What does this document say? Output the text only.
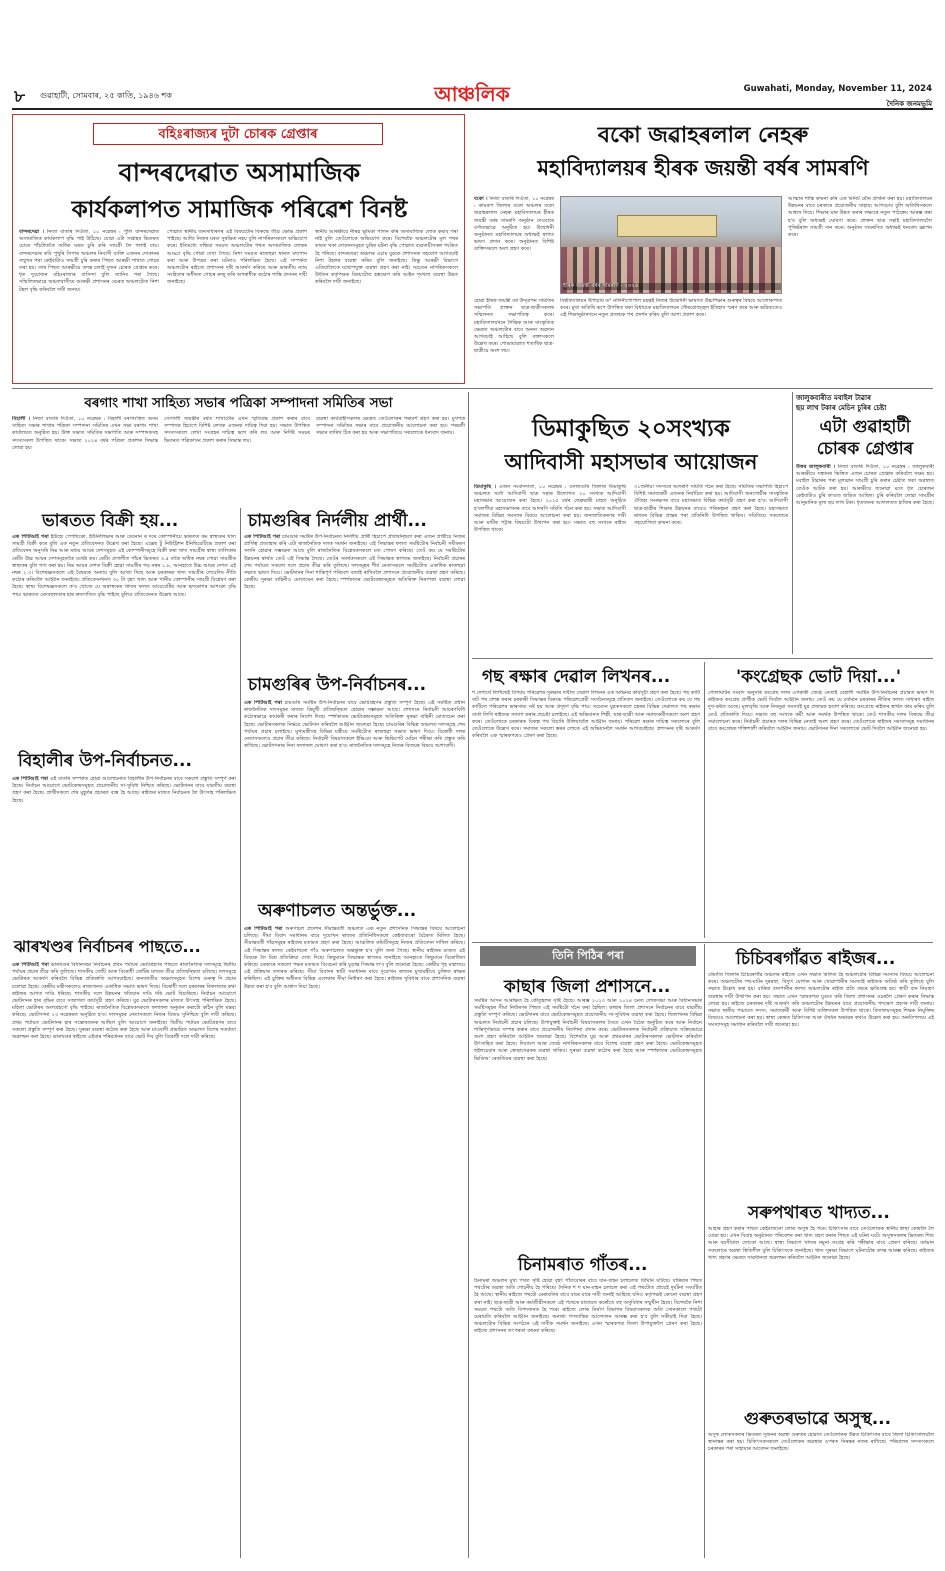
৮ গুৱাহাটী, সোমবাৰ, ২৫ কাতি, ১৯৪৬ শক	আঞ্চলিক	Guwahati, Monday, November 11, 2024
দৈনিক জনমভূমি
বহিঃৰাজ্যৰ দুটা চোৰক গ্ৰেপ্তাৰ
বান্দৰদেৱাত অসামাজিক
কাৰ্যকলাপত সামাজিক পৰিৱেশ বিনষ্ট
বান্দৰদেৱা । নিজা বাতৰি দিওঁতা, ১০ নৱেম্বৰ : পুলি বান্দৰদেৱাত অসামাজিক কাৰ্যকলাপ বৃদ্ধি পাই উঠিছে। যোৱা এটা সপ্তাহৰ ভিতৰত চোৰে পাঁচটাতকৈ অধিক ঘৰত চুৰি কৰি সামগ্ৰী লৈ পলাই যায়। বান্দৰদেৱাৰ কবি পুথুৰি সিপাৰ অঞ্চলৰ নিবাসী ব্যক্তি এজনৰ দোকানৰ সন্মুখৰ পৰা কেইবাটাও সামগ্ৰী চুৰি কৰাৰ পিছত আৰক্ষী শাখাত গোচৰ তৰা হয়। তাৰ পিছত আৰক্ষীয়ে তদন্ত চলাই দুজন চোৰক গ্ৰেপ্তাৰ কৰে। ধৃত দুয়োজন বহিঃৰাজ্যৰ বাসিন্দা বুলি জানিব পৰা গৈছে। সন্মিলিতভাৱে অঞ্চলবাসীয়ে আৰক্ষী প্ৰশাসনৰ ওচৰত অঞ্চলটোত নিশা টহল বৃদ্ধি কৰিবলৈ দাবী জনায়।
পোৱাত স্থানীয় জনসাধাৰণৰ এই বিষয়টোৰ বিৰুদ্ধে তীব্ৰ ক্ষোভ প্ৰকাশ পাইছে। আজি নিজৰ ঘৰত সুৰক্ষিত নহয় বুলি নাগৰিকসকলে অভিযোগ কৰে। ইতিমধ্যে সন্ধিয়া সময়ত অঞ্চলটোৰ পথত অসামাজিক লোকৰ আড্ডা বৃদ্ধি পোৱা দেখা গৈছে। নিশা সময়ত ৰাজহুৱা স্থানত মদ্যপান কৰা আৰু উপদ্ৰৱ কৰা ঘটনাও পৰিলক্ষিত হৈছে। এই সম্পৰ্কত অঞ্চলটোৰ ৰাইজে প্ৰশাসনৰ দৃষ্টি আকৰ্ষণ কৰিছে আৰু ভাৰতীয় ন্যায় সংহিতাৰ অধীনত গোচৰ ৰুজু কৰি অপৰাধীক কঠোৰ শাস্তি প্ৰদানৰ দাবী জনাইছে।
স্থানীয় আৰক্ষীয়ে নীৰৱ ভূমিকা পালন কৰি অসামাজিক লোক কমাব পৰা নাই বুলি তেওঁলোকে অভিযোগ কৰে। বিশেষকৈ অঞ্চলটোৰ মূল পথৰ কাষত থকা দোকানসমূহত চুৰিৰ ঘটনা বৃদ্ধি পোৱাত ব্যৱসায়ীসকল শংকিত হৈ পৰিছে। বান্দৰদেৱা অঞ্চলৰ এচাম যুৱকে প্ৰশাসনক সহযোগ আগবঢ়াই নিশা টহলৰ ব্যৱস্থা কৰিব বুলি জনাইছে। কিন্তু আৰক্ষী বিভাগে এতিয়ালৈকে যথোপযুক্ত ব্যৱস্থা গ্ৰহণ কৰা নাই। সচেতন নাগৰিকসকলে উৰ্ধতন কৰ্তৃপক্ষক বিষয়টোত হস্তক্ষেপ কৰি আইন শৃংখলা ব্যৱস্থা উন্নত কৰিবলৈ দাবী জনাইছে।
বকো জৱাহৰলাল নেহৰু
মহাবিদ্যালয়ৰ হীৰক জয়ন্তী বৰ্ষৰ সামৰণি
বকো । নিজা বাতৰি দিওঁতা, ১০ নৱেম্বৰ : কামৰূপ জিলাৰ বকো অঞ্চলৰ বকো জৱাহৰলাল নেহৰু মহাবিদ্যালয়ৰ হীৰক জয়ন্তী বৰ্ষৰ সামৰণি অনুষ্ঠান দেওবাৰে বৰ্ণাঢ্যভাৱে অনুষ্ঠিত হয়। উদ্বোধনী অনুষ্ঠানত মহাবিদ্যালয়ৰ অধ্যক্ষই স্বাগত ভাষণ প্ৰদান কৰে। অনুষ্ঠানত বিশিষ্ট ব্যক্তিসকলে অংশ গ্ৰহণ কৰে।
হীৰক জয়ন্তী বৰ্ষৰ সামৰণি - ২০২৪
আত্মাৰ শান্তি কামনা কৰি এক মিনিট মৌন প্ৰাৰ্থনা কৰা হয়। মহাবিদ্যালয়ৰ উন্নয়নৰ বাবে চৰকাৰে প্ৰয়োজনীয় সাহায্য আগবঢ়াব বুলি অতিথিসকলে আশ্বাস দিয়ে। শিক্ষাৰ মান উন্নত কৰাৰ লক্ষ্যৰে নতুন পাঠ্যক্ৰম আৰম্ভ কৰা হ'ব বুলি অধ্যক্ষই ঘোষণা কৰে। প্ৰাক্তন ছাত্ৰ সন্থাই মহাবিদ্যালয়লৈ পুথিভঁৰাল সামগ্ৰী দান কৰে। অনুষ্ঠান সামৰণিত অধ্যক্ষই ধন্যবাদ জ্ঞাপন কৰে।
বিশ্ববিদ্যালয়ৰ উপাচাৰ্য ড° নলিনীগোপাল মহন্তই নিজৰ উদ্বোধনী ভাষণত উচ্চশিক্ষাৰ গুৰুত্বৰ বিষয়ে আলোকপাত কৰে। মুখ্য অতিথি ৰূপে উপস্থিত থকা বিধায়কে মহাবিদ্যালয়ৰ গৌৰৱোজ্জ্বল ইতিহাস স্মৰণ কৰে আৰু ভৱিষ্যতেও এই শিক্ষানুষ্ঠানখনে নতুন প্ৰজন্মক পথ প্ৰদৰ্শন কৰিব বুলি আশা প্ৰকাশ কৰে।
হোৱা হীৰক জয়ন্তী বৰ্ষ উদ্‌যাপন সমিতিৰ সভাপতি প্ৰাক্তন ছাত্ৰ-ছাত্ৰীসকলৰ সন্মিলনত সভাপতিত্ব কৰে। মহাবিদ্যালয়খনে শৈক্ষিক আৰু সাংস্কৃতিক ক্ষেত্ৰত অঞ্চলটোৰ বাবে অনন্য অৱদান আগবঢ়াই আহিছে বুলি বক্তাসকলে উল্লেখ কৰে। শোভাযাত্ৰাত শতাধিক ছাত্ৰ-ছাত্ৰীয়ে অংশ লয়।
বৰগাং শাখা সাহিত্য সভাৰ পত্ৰিকা সম্পাদনা সমিতিৰ সভা
বিহালী । নিজা বাতৰি দিওঁতা, ১০ নৱেম্বৰ : বিহালী বৰগাংস্থিত অসম সাহিত্য সভাৰ শাখাৰ পত্ৰিকা সম্পাদনা সমিতিৰ এখন সভা বৰগাং শাখা কাৰ্যালয়ত অনুষ্ঠিত হয়। উক্ত সভাত সমিতিৰ সভাপতি আৰু সম্পাদকসহ সদস্যসকল উপস্থিত থাকে। সভাত ২০২৪ বৰ্ষৰ পত্ৰিকা প্ৰকাশৰ সিদ্ধান্ত লোৱা হয়।
সোণালী জয়ন্তীৰ বৰ্ষত শাখাটোৰ এখন স্মৃতিগ্ৰন্থ প্ৰকাশ কৰাৰ বাবে সম্পাদক হিচাপে বিশিষ্ট লেখক এজনক দায়িত্ব দিয়া হয়। সভাত উপস্থিত সদস্যসকলে লেখা সংগ্ৰহৰ দায়িত্ব ভাগ কৰি লয় আৰু নিৰ্দিষ্ট সময়ৰ ভিতৰত পত্ৰিকাখন প্ৰকাশ কৰাৰ সিদ্ধান্ত লয়।
ব্যৱস্থা কাৰ্যবাহীসকলৰ ক্ষেত্ৰত তেওঁলোকৰ পৰামৰ্শ গ্ৰহণ কৰা হয়। মুখপত্ৰ সম্পাদনা সমিতিৰ সভাৰ বাবে প্ৰয়োজনীয় আলোচনা কৰা হয়। পৰৱৰ্তী সভাৰ তাৰিখ ঠিক কৰা হয় আৰু সভাপতিয়ে সকলোকে ধন্যবাদ জনায়।	ডিমাকুছিত ২০সংখ্যক
আদিবাসী মহাসভাৰ আয়োজন
ডিমাকুছি । এজন সংবাদদাতা, ১০ নৱেম্বৰ : ওদালগুৰি জিলাৰ ডিমাকুছি অঞ্চলত সদৌ আদিবাসী ছাত্ৰ সন্থাৰ উদ্যোগত ২০ সংখ্যক আদিবাসী মহাসভাৰ আয়োজন কৰা হৈছে। ২০২৫ বৰ্ষৰ ফেব্ৰুৱাৰী মাহত অনুষ্ঠিত হ'বলগীয়া মহাসভাখনৰ বাবে আদৰণি সমিতি গঠন কৰা হয়। সভাত আদিবাসী সমাজৰ বিভিন্ন সমস্যাৰ বিষয়ে আলোচনা কৰা হয়। জনজাতিকৰণৰ দাবী আৰু মাটিৰ পট্টাৰ বিষয়টো উত্থাপন কৰা হয়। সভাত বহু সংখ্যক ৰাইজ উপস্থিত থাকে।
৩১জনীয়া সদস্যৰে আদৰণি সমিতি গঠন কৰা হৈছে। সমিতিৰ সভাপতি হিচাপে বিশিষ্ট সমাজকৰ্মী এজনক নিৰ্বাচিত কৰা হয়। আদিবাসী জনগোষ্ঠীৰ সাংস্কৃতিক ঐতিহ্য সংৰক্ষণৰ বাবে মহাসভাত বিভিন্ন কাৰ্যসূচী গ্ৰহণ কৰা হ'ব। আদিবাসী ছাত্ৰ-ছাত্ৰীৰ শিক্ষাৰ উন্নয়নৰ বাবেও পৰিকল্পনা গ্ৰহণ কৰা হৈছে। মহাসভাত ৰাজ্যৰ বিভিন্ন প্ৰান্তৰ পৰা প্ৰতিনিধি উপস্থিত থাকিব। সমিতিয়ে সকলোৰে সহযোগিতা কামনা কৰে।
জালুকবাৰীত মবাইল টাৱাৰ
ছয় লাখ টকাৰ মেচিন চুৰিৰ চেষ্টা
এটা গুৱাহাটী
চোৰক গ্ৰেপ্তাৰ
উত্তৰ জালুকবাৰী । নিজা বাতৰি দিওঁতা, ১০ নৱেম্বৰ : জালুকবাৰী আৰক্ষীয়ে সন্ধানৰ ভিত্তিত এজন চোৰক গ্ৰেপ্তাৰ কৰিবলৈ সক্ষম হয়। মবাইল টাৱাৰৰ পৰা মূল্যৱান সামগ্ৰী চুৰি কৰাৰ চেষ্টাত থকা অৱস্থাত তেওঁক আটক কৰা হয়। আৰক্ষীয়ে জনোৱা মতে ধৃত চোৰজন কেইবাটাও চুৰি কাণ্ডত জড়িত আছিল। চুৰি কৰিবলৈ লোৱা সামগ্ৰীৰ আনুমানিক মূল্য ছয় লাখ টকা। ধৃতজনক আদালতত হাজিৰ কৰা হৈছে।
ভাৰতত বিক্ৰী হয়...
এক পিটিআই পৰা ইউহ্যে পেপছিকো, ইউনিলিভাৰ আৰু ডেনোন ৰ দৰে কোম্পানীয়ে ভাৰতত কম স্বাস্থ্যকৰ খাদ্য সামগ্ৰী বিক্ৰী কৰে বুলি এক নতুন প্ৰতিবেদনত উল্লেখ কৰা হৈছে। এক্সেছ টু নিউট্ৰিশন ইনিছিয়েটিভে প্ৰকাশ কৰা প্ৰতিবেদন অনুসৰি নিম্ন আৰু মধ্যম আয়ৰ দেশসমূহত এই কোম্পানীসমূহে বিক্ৰী কৰা খাদ্য সামগ্ৰীৰ স্বাস্থ্য তালিকাৰ ৰেটিং উচ্চ আয়ৰ দেশসমূহতকৈ যথেষ্ট কম। ৰেটিং প্ৰণালীত পাঁচৰ ভিতৰত ৩.৫ তকৈ অধিক নম্বৰ পোৱা সামগ্ৰীক স্বাস্থ্যকৰ বুলি গণ্য কৰা হয়। নিম্ন আয়ৰ দেশত বিক্ৰী হোৱা সামগ্ৰীৰ গড় নম্বৰ ১.৮, আনহাতে উচ্চ আয়ৰ দেশত এই নম্বৰ ২.৩। বিশেষজ্ঞসকলে এই বৈষম্যক অন্যায় বুলি আখ্যা দিছে আৰু চৰকাৰক খাদ্য সামগ্ৰীৰ লেবেলিং নীতি কঠোৰ কৰিবলৈ আহ্বান জনাইছে। প্ৰতিবেদনখনত ৩০ টা বৃহৎ খাদ্য আৰু পানীয় কোম্পানীৰ সামগ্ৰী বিশ্লেষণ কৰা হৈছে। স্বাস্থ্য বিশেষজ্ঞসকলে ক'ব খোজে যে অস্বাস্থ্যকৰ খাদ্যৰ ফলত ডায়েবেটিছ আৰু হৃদৰোগৰ আশংকা বৃদ্ধি পায়। ভাৰতত মেদবহুলতাৰ হাৰ দ্ৰুতগতিত বৃদ্ধি পাইছে বুলিও প্ৰতিবেদনত উল্লেখ আছে।
চামগুৰিৰ নিৰ্দলীয় প্ৰাৰ্থী...
এক পিটিআই পৰা চামগুৰি সমষ্টিৰ উপ-নিৰ্বাচনত নিৰ্দলীয় প্ৰাৰ্থী হিচাপে প্ৰতিদ্বন্দ্বিতা কৰা এজন প্ৰাৰ্থীয়ে নিজৰ প্ৰাৰ্থিত্ব প্ৰত্যাহাৰ কৰি এটা ৰাজনৈতিক দলক সমৰ্থন জনাইছে। এই সিদ্ধান্তৰ ফলত সমষ্টিটোৰ নিৰ্বাচনী সমীকৰণ সলনি হোৱাৰ সম্ভাৱনা আছে বুলি ৰাজনৈতিক বিশ্লেষকসকলে মত পোষণ কৰিছে। তেওঁ কয় যে সমষ্টিটোৰ উন্নয়নৰ স্বাৰ্থত তেওঁ এই সিদ্ধান্ত লৈছে। তেওঁৰ সমৰ্থকসকলে এই সিদ্ধান্তক স্বাগতম জনাইছে। নিৰ্বাচনী প্ৰচাৰৰ শেষ পৰ্যায়ত সকলো দলে প্ৰচাৰ তীব্ৰ কৰি তুলিছে। দলসমূহৰ শীৰ্ষ নেতাসকলে সমষ্টিটোত একাধিক ৰাজহুৱা সভাত ভাষণ দিয়ে। ভোটদানৰ দিনা শান্তিপূৰ্ণ পৰিবেশ বজাই ৰাখিবলৈ প্ৰশাসনে প্ৰয়োজনীয় ব্যৱস্থা গ্ৰহণ কৰিছে। কেন্দ্ৰীয় সুৰক্ষা বাহিনীও মোতায়েন কৰা হৈছে। স্পৰ্শকাতৰ ভোটকেন্দ্ৰসমূহত অতিৰিক্ত নিৰাপত্তা ব্যৱস্থা লোৱা হৈছে।
গছ ৰক্ষাৰ দেৱাল লিখনৰ...
শ দেশাৰ্থে লিখিছেই বিপৰ্যয় পৰিৱেশৰ সুৰক্ষাৰ দাবীত দেৱাল লিখনৰ এক অভিনৱ কাৰ্যসূচী গ্ৰহণ কৰা হৈছে। গছ কাটি বাট পথ প্ৰশস্ত কৰাৰ চৰকাৰী সিদ্ধান্তৰ বিৰুদ্ধে পৰিৱেশপ্ৰেমী সংগঠনসমূহে প্ৰতিবাদ জনাইছে। তেওঁলোকে কয় যে গছ কাটিলে পৰিৱেশৰ ভাৰসাম্য নষ্ট হয় আৰু প্ৰদূষণ বৃদ্ধি পায়। সচেতন যুৱকসকলে চহৰৰ বিভিন্ন দেৱালত গছ ৰক্ষাৰ বাৰ্তা লিখি ৰাইজক সজাগ কৰাৰ প্ৰচেষ্টা চলাইছে। এই অভিযানত শিল্পী, ছাত্ৰ-ছাত্ৰী আৰু সমাজকৰ্মীসকলে অংশ গ্ৰহণ কৰে। তেওঁলোকে চৰকাৰক বিকল্প পথ বিচাৰি উলিয়াবলৈ আহ্বান জনায়। পৰিৱেশ ৰক্ষাৰ দায়িত্ব সকলোৰে বুলি তেওঁলোকে উল্লেখ কৰে। সমাজৰ সকলো স্তৰৰ লোকে এই অভিযানলৈ সমৰ্থন আগবঢ়াইছে। প্ৰশাসনৰ দৃষ্টি আকৰ্ষণ কৰিবলৈ এক স্মাৰকপত্ৰও প্ৰেৰণ কৰা হৈছে।
'কংগ্ৰেছক ভোট দিয়া...'
গোলাঘাটৰ সংবাদ অনুসৰি কংগ্ৰেছ দলৰ এগৰাকী জ্যেষ্ঠ নেতাই বেহালী সমষ্টিৰ উপ-নিৰ্বাচনৰ প্ৰচাৰত ভাষণ দি ৰাইজক কংগ্ৰেছ প্ৰাৰ্থীক ভোট দিবলৈ আহ্বান জনায়। তেওঁ কয় যে বৰ্তমান চৰকাৰৰ নীতিৰ ফলত সাধাৰণ ৰাইজ দুখ-কষ্টত আছে। মূল্যবৃদ্ধি আৰু নিবনুৱা সমস্যাই যুৱ প্ৰজন্মক হতাশ কৰিছে। কংগ্ৰেছে ৰাইজৰ স্বাৰ্থত কাম কৰিব বুলি তেওঁ প্ৰতিশ্ৰুতি দিয়ে। সভাত বহু সংখ্যক কৰ্মী আৰু সমৰ্থক উপস্থিত থাকে। তেওঁ শাসকীয় দলৰ বিৰুদ্ধে তীব্ৰ সমালোচনা কৰে। নিৰ্বাচনী প্ৰচাৰত দলৰ বিভিন্ন নেতাই অংশ গ্ৰহণ কৰে। তেওঁলোকে ৰাইজৰ সমস্যাসমূহ সমাধানৰ বাবে কংগ্ৰেছক শক্তিশালী কৰিবলৈ আহ্বান জনায়। ভোটদানৰ দিনা সকলোকে ভোট দিবলৈ আহ্বান জনোৱা হয়।
চামগুৰিৰ উপ-নিৰ্বাচনৰ...
এক পিটিআই পৰা চামগুৰি সমষ্টিৰ উপ-নিৰ্বাচনৰ বাবে ভোটগ্ৰহণৰ প্ৰস্তুতি সম্পূৰ্ণ হৈছে। এই সমষ্টিত প্ৰধান ৰাজনৈতিক দলসমূহৰ মাজত ত্ৰিমুখী প্ৰতিদ্বন্দ্বিতা হোৱাৰ সম্ভাৱনা আছে। প্ৰশাসনে নিৰ্বাচনী আচৰণবিধি কঠোৰভাৱে কাৰ্যকৰী কৰাৰ নিৰ্দেশ দিছে। স্পৰ্শকাতৰ ভোটকেন্দ্ৰসমূহত অতিৰিক্ত সুৰক্ষা বাহিনী মোতায়েন কৰা হৈছে। ভোটাৰসকলক নিৰ্ভয়ে ভোটদান কৰিবলৈ আহ্বান জনোৱা হৈছে। চামগুৰিৰ বিভিন্ন অঞ্চলত দলসমূহে শেষ পৰ্যায়ৰ প্ৰচাৰ চলাইছে। মুখ্যমন্ত্ৰীসহ বিভিন্ন মন্ত্ৰীয়ে সমষ্টিটোত ৰাজহুৱা সভাত ভাষণ দিয়ে। বিৰোধী দলৰ নেতাসকলেও প্ৰচাৰ তীব্ৰ কৰিছে। নিৰ্বাচনী বিষয়াসকলে ইভিএম আৰু ভিভিপেট মেচিন পৰীক্ষা কৰি প্ৰস্তুত কৰি ৰাখিছে। ভোটগণনাৰ দিনা ফলাফল ঘোষণা কৰা হ'ব। ৰাজনৈতিক দলসমূহে নিজৰ বিজয়ৰ বিষয়ে আশাবাদী।
বিহালীৰ উপ-নিৰ্বাচনত...
এক পিটিআই পৰা এই বাতৰি সম্পৰ্কত হোৱা আলোচনাত বিহালীৰ উপ-নিৰ্বাচনৰ বাবে সকলো প্ৰস্তুতি সম্পূৰ্ণ কৰা হৈছে। নিৰ্বাচন আয়োগে ভোটকেন্দ্ৰসমূহত প্ৰয়োজনীয় সা-সুবিধা নিশ্চিত কৰিছে। ভোটদানৰ বাবে যাৱতীয় ব্যৱস্থা গ্ৰহণ কৰা হৈছে। প্ৰাৰ্থীসকলে শেষ মুহূৰ্তৰ প্ৰচাৰত ব্যস্ত হৈ আছে। ৰাইজৰ মাজত নিৰ্বাচনক লৈ উৎসাহ পৰিলক্ষিত হৈছে।
ঝাৰখণ্ডৰ নিৰ্বাচনৰ পাছতে...
এক পিটিআই পৰা ঝাৰখণ্ডৰ বিধানসভা নিৰ্বাচনৰ প্ৰথম পৰ্যায়ৰ ভোটগ্ৰহণৰ পাছতে ৰাজনৈতিক দলসমূহে দ্বিতীয় পৰ্যায়ৰ প্ৰচাৰ তীব্ৰ কৰি তুলিছে। শাসকীয় জোঁট আৰু বিৰোধী জোঁটৰ মাজত তীব্ৰ প্ৰতিদ্বন্দ্বিতা চলিছে। দলসমূহে ভোটাৰক আকৰ্ষণ কৰিবলৈ বিভিন্ন প্ৰতিশ্ৰুতি আগবঢ়াইছে। জনজাতীয় অঞ্চলসমূহত বিশেষ গুৰুত্ব দি প্ৰচাৰ চলোৱা হৈছে। কেন্দ্ৰীয় মন্ত্ৰীসকলেও ৰাজ্যখনত একাধিক সভাত ভাষণ দিছে। বিৰোধী দলে চৰকাৰৰ বিফলতাৰ কথা ৰাইজৰ আগত দাঙি ধৰিছে। শাসকীয় দলে উন্নয়নৰ খতিয়ান দাঙি ধৰি ভোট বিচাৰিছে। নিৰ্বাচন আয়োগে ভোটদানৰ হাৰ বৃদ্ধিৰ বাবে সজাগতা কাৰ্যসূচী গ্ৰহণ কৰিছে। যুৱ ভোটাৰসকলৰ মাজত উৎসাহ পৰিলক্ষিত হৈছে। মহিলা ভোটাৰৰ অংশগ্ৰহণো বৃদ্ধি পাইছে। ৰাজনৈতিক বিশ্লেষকসকলে ফলাফল অনুমান কৰাটো কঠিন বুলি মন্তব্য কৰিছে। ভোটগণনা ২৩ নৱেম্বৰত অনুষ্ঠিত হ'ব। দলসমূহৰ নেতাসকলে নিজৰ বিজয় সুনিশ্চিত বুলি দাবী কৰিছে। প্ৰথম পৰ্যায়ত ভোটদানৰ হাৰ সন্তোষজনক আছিল বুলি আয়োগে জনাইছে। দ্বিতীয় পৰ্যায়ৰ ভোটগ্ৰহণৰ বাবে সকলো প্ৰস্তুতি সম্পূৰ্ণ কৰা হৈছে। সুৰক্ষা ব্যৱস্থা কঠোৰ কৰা হৈছে আৰু মাওবাদী প্ৰভাৱিত অঞ্চলত বিশেষ সতৰ্কতা অৱলম্বন কৰা হৈছে। ঝাৰখণ্ডৰ ৰাইজে এইবাৰ পৰিৱৰ্তনৰ বাবে ভোট দিব বুলি বিৰোধী দলে দাবী কৰিছে।
অৰুণাচলত অন্তৰ্ভুক্ত...
এক পিটিআই পৰা অৰুণাচল প্ৰদেশৰ সীমান্তবৰ্তী অঞ্চলত এক নতুন প্ৰশাসনিক সিদ্ধান্তৰ বিষয়ে আলোচনা চলিছে। সীমা বিবাদ সমাধানৰ বাবে দুয়োখন ৰাজ্যৰ প্ৰতিনিধিসকলে কেইবাবাৰো বৈঠকত মিলিত হৈছে। সীমান্তবৰ্তী গাঁৱসমূহৰ ৰাইজৰ মতামত গ্ৰহণ কৰা হৈছে। আঞ্চলিক কমিটিসমূহে নিজৰ প্ৰতিবেদন দাখিল কৰিছে। এই সিদ্ধান্তৰ ফলত কেইবাখনো গাঁও অৰুণাচলত অন্তৰ্ভুক্ত হ'ব বুলি জনা গৈছে। স্থানীয় ৰাইজৰ মাজত এই বিষয়ক লৈ মিশ্ৰ প্ৰতিক্ৰিয়া দেখা দিছে। কিছুমানে সিদ্ধান্তক স্বাগতম জনাইছে আনহাতে কিছুমানে বিৰোধিতা কৰিছে। চৰকাৰে সকলো পক্ষৰ মতামত বিবেচনা কৰি চূড়ান্ত সিদ্ধান্ত ল'ব বুলি জনোৱা হৈছে। কেন্দ্ৰীয় গৃহ মন্ত্ৰালয়ে এই প্ৰক্ৰিয়াৰ তদাৰক কৰিছে। সীমা বিবাদৰ স্থায়ী সমাধানৰ বাবে দুয়োখন ৰাজ্যৰ মুখ্যমন্ত্ৰীয়ে চুক্তিত স্বাক্ষৰ কৰিছিল। এই চুক্তিৰ অধীনত বিভিন্ন এলেকাৰ সীমা নিৰ্ধাৰণ কৰা হৈছে। ৰাইজৰ সুবিধাৰ বাবে প্ৰশাসনিক ব্যৱস্থা উন্নত কৰা হ'ব বুলি আশ্বাস দিয়া হৈছে।
তিনি পিঠিৰ পৰা
কাছাৰ জিলা প্ৰশাসনে...
সমষ্টিৰ আসন আৰক্ষিত হৈ কৌতূহলৰ সৃষ্টি হৈছে। আৰম্ভ ২০২৩ আৰু ২০২৪ চনত লোকসভা আৰু বিধানসভাৰ সমষ্টিসমূহৰ সীমা নিৰ্ধাৰণৰ পিছত এই সমষ্টিটো গঠন কৰা হৈছিল। কাছাৰ জিলা প্ৰশাসনে নিৰ্বাচনৰ বাবে যাৱতীয় প্ৰস্তুতি সম্পূৰ্ণ কৰিছে। ভোটদানৰ বাবে ভোটকেন্দ্ৰসমূহত প্ৰয়োজনীয় সা-সুবিধাৰ ব্যৱস্থা কৰা হৈছে। জিলাখনৰ বিভিন্ন অঞ্চলত নিৰ্বাচনী প্ৰচাৰ চলিছে। উপায়ুক্তই নিৰ্বাচনী বিষয়াসকলৰ সৈতে এখন বৈঠক অনুষ্ঠিত কৰে আৰু নিৰ্বাচন শান্তিপূৰ্ণভাৱে সম্পন্ন কৰাৰ বাবে প্ৰয়োজনীয় নিৰ্দেশনা প্ৰদান কৰে। ভোটাৰসকলক নিৰ্বাচনী প্ৰক্ৰিয়াত সক্ৰিয়ভাৱে অংশ গ্ৰহণ কৰিবলৈ আহ্বান জনোৱা হৈছে। বিশেষকৈ যুৱ আৰু প্ৰথমবাৰৰ ভোটাৰসকলক ভোটদান কৰিবলৈ উৎসাহিত কৰা হৈছে। দিব্যাংগ আৰু জ্যেষ্ঠ নাগৰিকসকলৰ বাবে বিশেষ ব্যৱস্থা গ্ৰহণ কৰা হৈছে। ভোটকেন্দ্ৰসমূহত হুইলচেয়াৰ আৰু স্বেচ্ছাসেৱকৰ ব্যৱস্থা থাকিব। সুৰক্ষা ব্যৱস্থা কঠোৰ কৰা হৈছে আৰু স্পৰ্শকাতৰ ভোটকেন্দ্ৰসমূহত ভিডিঅ' ৰেকৰ্ডিঙৰ ব্যৱস্থা কৰা হৈছে।
চিচিবৰগাঁৱত ৰাইজৰ...
ধেমাজি জিলাৰ চিচিবৰগাঁৱ অঞ্চলৰ ৰাইজে এখন সভাত মিলিত হৈ অঞ্চলটোৰ বিভিন্ন সমস্যাৰ বিষয়ে আলোচনা কৰে। অঞ্চলটোৰ পথ-ঘাটৰ দুৰৱস্থা, বিদ্যুৎ যোগান আৰু খোৱাপানীৰ সমস্যাই ৰাইজক অতিষ্ঠ কৰি তুলিছে বুলি সভাত উল্লেখ কৰা হয়। বাৰিষা বানপানীৰ ফলত অঞ্চলটোৰ ৰাইজ প্ৰতি বছৰে ক্ষতিগ্ৰস্ত হয়। স্থায়ী বান নিয়ন্ত্ৰণ ব্যৱস্থাৰ দাবী উত্থাপন কৰা হয়। সভাত এখন স্মাৰকপত্ৰ যুগুত কৰি জিলা প্ৰশাসনৰ ওচৰলৈ প্ৰেৰণ কৰাৰ সিদ্ধান্ত লোৱা হয়। ৰাইজে চৰকাৰৰ দৃষ্টি আকৰ্ষণ কৰি অঞ্চলটোৰ উন্নয়নৰ বাবে প্ৰয়োজনীয় পদক্ষেপ গ্ৰহণৰ দাবী জনায়। সভাত স্থানীয় পঞ্চায়ত সদস্য, সমাজকৰ্মী আৰু বিশিষ্ট ব্যক্তিসকল উপস্থিত থাকে। বিদ্যালয়সমূহৰ শিক্ষক নিযুক্তিৰ বিষয়েও আলোচনা কৰা হয়। স্বাস্থ্য কেন্দ্ৰত চিকিৎসক আৰু ঔষধৰ অভাৱৰ কথাও উল্লেখ কৰা হয়। অনতিপলমে এই সমস্যাসমূহ সমাধান কৰিবলৈ দাবী জনোৱা হয়।
সৰুপথাৰত খাদ্যত...
আহাৰ গ্ৰহণ কৰাৰ পাছত কেইবাজনো লোক অসুস্থ হৈ পৰে। চিকিৎসাৰ বাবে তেওঁলোকক স্থানীয় স্বাস্থ্য কেন্দ্ৰলৈ লৈ যোৱা হয়। এখন বিবাহ অনুষ্ঠানত পৰিবেশন কৰা খাদ্য গ্ৰহণ কৰাৰ পিছত এই ঘটনা ঘটে। অসুস্থসকলৰ ভিতৰত শিশু আৰু বয়সীয়াল লোকো আছে। স্বাস্থ্য বিভাগে খাদ্যৰ নমুনা সংগ্ৰহ কৰি পৰীক্ষাৰ বাবে প্ৰেৰণ কৰিছে। বৰ্তমান সকলোৰে অৱস্থা স্থিতিশীল বুলি চিকিৎসকে জনাইছে। খাদ্য সুৰক্ষা বিভাগে ঘটনাটোৰ তদন্ত আৰম্ভ কৰিছে। ৰাইজক খাদ্য গ্ৰহণৰ ক্ষেত্ৰত সাৱধানতা অৱলম্বন কৰিবলৈ আহ্বান জনোৱা হৈছে।
চিনামৰাত গাঁতৰ...
চিনামৰা অঞ্চলৰ মুখ্য পথত সৃষ্টি হোৱা বৃহৎ গাঁতবোৰৰ বাবে যান-বাহন চলাচলত বিঘিনি ঘটিছে। বাৰিষাৰ পিছত পথটোৰ অৱস্থা অতি শোচনীয় হৈ পৰিছে। দৈনিক শ শ যান-বাহন চলাচল কৰা এই পথটোত প্ৰায়েই দুৰ্ঘটনা সংঘটিত হৈ আছে। স্থানীয় ৰাইজে পথটো মেৰামতিৰ বাবে বাৰে বাৰে দাবী জনাই আহিছে যদিও কৰ্তৃপক্ষই কোনো ব্যৱস্থা গ্ৰহণ কৰা নাই। ছাত্ৰ-ছাত্ৰী আৰু কৰ্মজীৱীসকলে এই পথেৰে যাতায়ত কৰোঁতে বহু অসুবিধাৰ সন্মুখীন হৈছে। বিশেষকৈ নিশা সময়ত পথটো অতি বিপদজনক হৈ পৰে। ৰাইজে লোক নিৰ্মাণ বিভাগৰ বিষয়াসকলক অতি সোনকালে পথটো মেৰামতি কৰিবলৈ আহ্বান জনাইছে। অন্যথা গণতান্ত্ৰিক আন্দোলন আৰম্ভ কৰা হ'ব বুলি সকীয়াই দিয়া হৈছে। অঞ্চলটোৰ বিভিন্ন সংগঠনে এই দাবীক সমৰ্থন জনাইছে। এখন স্মাৰকপত্ৰ জিলা উপায়ুক্তলৈ প্ৰেৰণ কৰা হৈছে। ৰাইজে প্ৰশাসনৰ তৎপৰতা কামনা কৰিছে।
গুৰুতৰভাৱে অসুস্থ...
অসুস্থ লোকসকলৰ ভিতৰত দুজনৰ অৱস্থা গুৰুতৰ হোৱাত তেওঁলোকক উন্নত চিকিৎসাৰ বাবে জিলা চিকিৎসালয়লৈ স্থানান্তৰ কৰা হয়। চিকিৎসকসকলে তেওঁলোকৰ অৱস্থাৰ ওপৰত নিৰন্তৰ নজৰ ৰাখিছে। পৰিয়ালৰ সদস্যসকলে চৰকাৰৰ পৰা সাহায্যৰ আবেদন জনাইছে।
